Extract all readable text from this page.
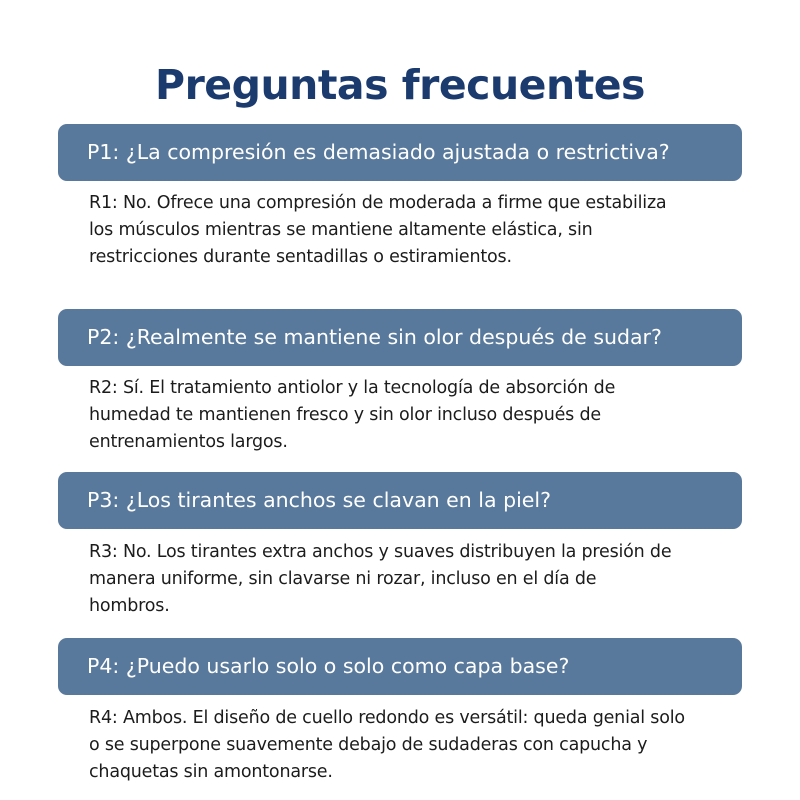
Preguntas frecuentes
P1: ¿La compresión es demasiado ajustada o restrictiva?
R1: No. Ofrece una compresión de moderada a firme que estabiliza
los músculos mientras se mantiene altamente elástica, sin
restricciones durante sentadillas o estiramientos.
P2: ¿Realmente se mantiene sin olor después de sudar?
R2: Sí. El tratamiento antiolor y la tecnología de absorción de
humedad te mantienen fresco y sin olor incluso después de
entrenamientos largos.
P3: ¿Los tirantes anchos se clavan en la piel?
R3: No. Los tirantes extra anchos y suaves distribuyen la presión de
manera uniforme, sin clavarse ni rozar, incluso en el día de
hombros.
P4: ¿Puedo usarlo solo o solo como capa base?
R4: Ambos. El diseño de cuello redondo es versátil: queda genial solo
o se superpone suavemente debajo de sudaderas con capucha y
chaquetas sin amontonarse.
